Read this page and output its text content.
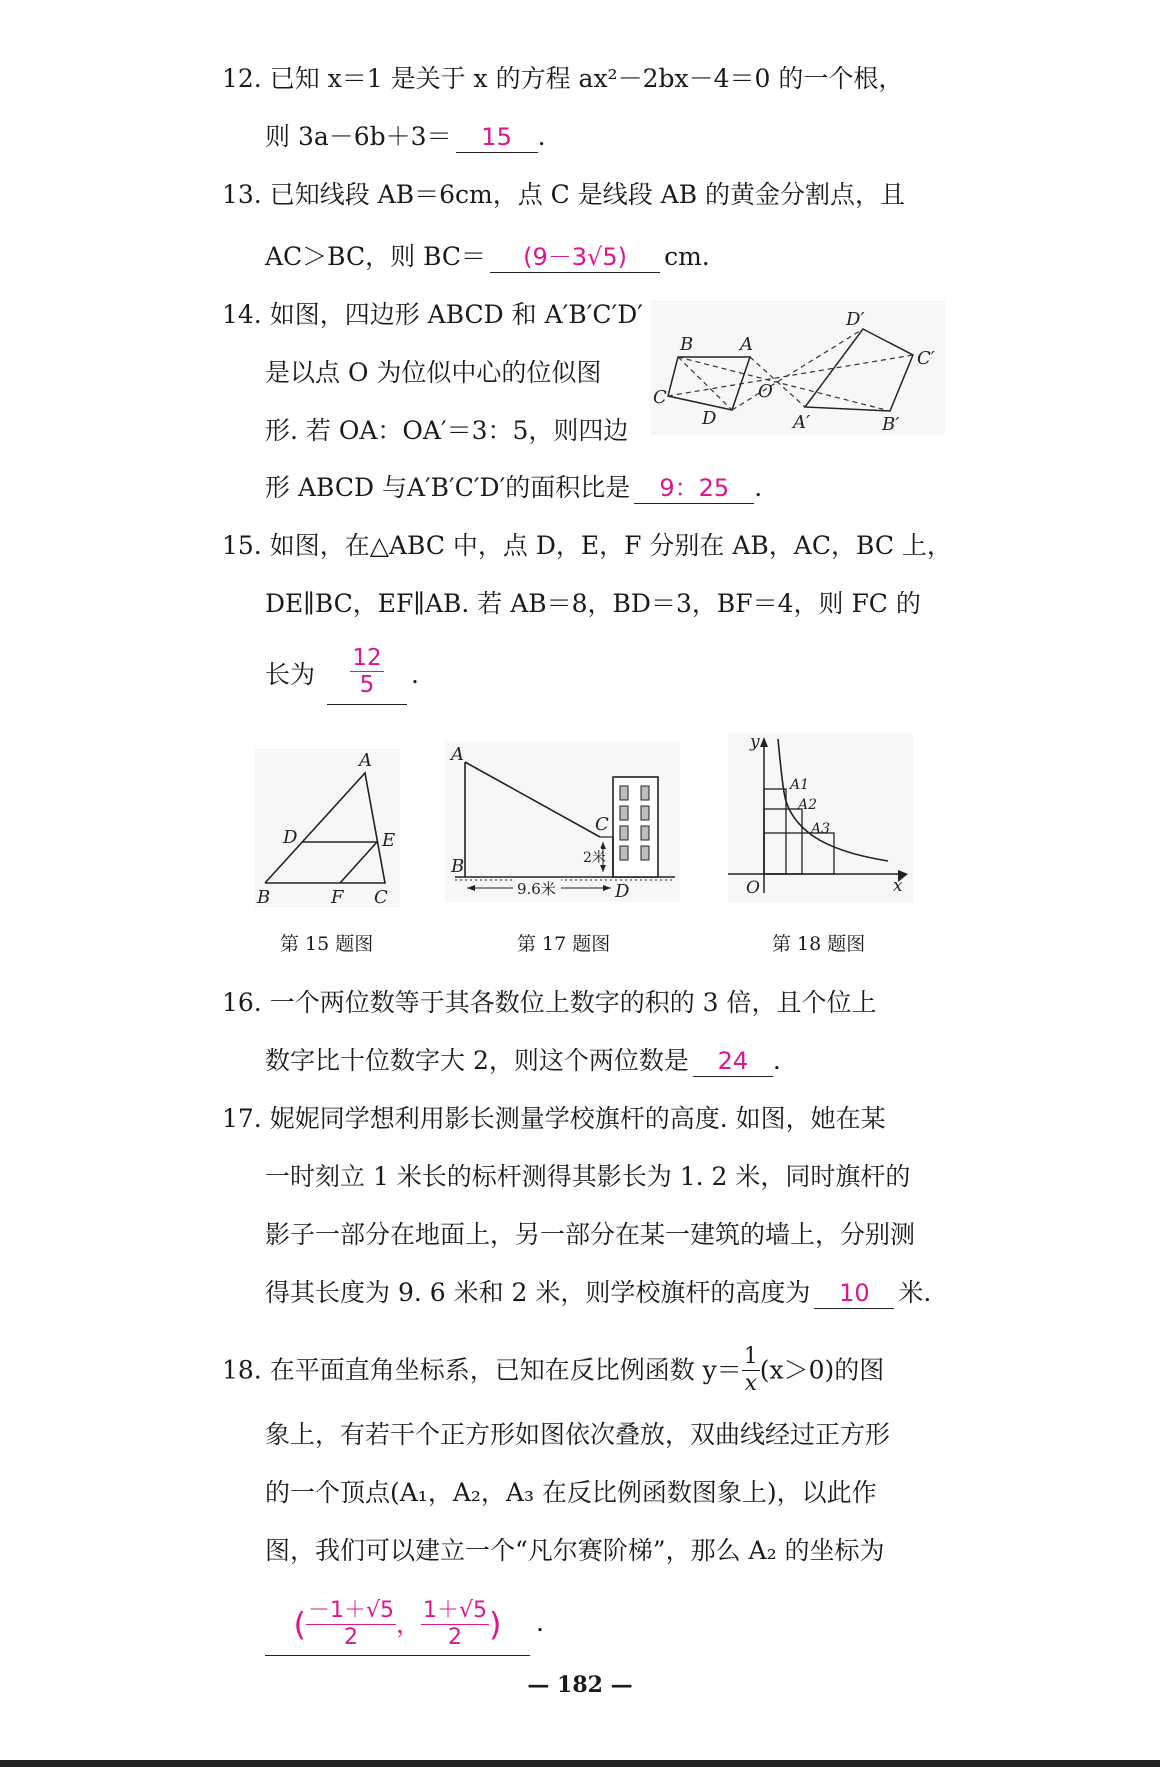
12. 已知 x＝1 是关于 x 的方程 ax²－2bx－4＝0 的一个根，
则 3a－6b＋3＝ 15 .
13. 已知线段 AB＝6cm，点 C 是线段 AB 的黄金分割点，且
AC＞BC，则 BC＝ (9－3√5) cm.
14. 如图，四边形 ABCD 和 A′B′C′D′
是以点 O 为位似中心的位似图
形. 若 OA：OA′＝3：5，则四边
形 ABCD 与A′B′C′D′的面积比是 9：25 .
B	A
C	O
D
D′
C′
A′	B′
15. 如图，在△ABC 中，点 D，E，F 分别在 AB，AC，BC 上，
DE∥BC，EF∥AB. 若 AB＝8，BD＝3，BF＝4，则 FC 的
长为 $\frac{12}{5}$ .
A
D	E
B	F C
第 15 题图
9.6米
2米
A
B
C
D
第 17 题图
y
x
O
A1
A2
A3
第 18 题图
16. 一个两位数等于其各数位上数字的积的 3 倍，且个位上
数字比十位数字大 2，则这个两位数是 24 .
17. 妮妮同学想利用影长测量学校旗杆的高度. 如图，她在某
一时刻立 1 米长的标杆测得其影长为 1. 2 米，同时旗杆的
影子一部分在地面上，另一部分在某一建筑的墙上，分别测
得其长度为 9. 6 米和 2 米，则学校旗杆的高度为 10 米.
18. 在平面直角坐标系，已知在反比例函数 $y= \frac{1}{x} (x>0)$的图
象上，有若干个正方形如图依次叠放，双曲线经过正方形
的一个顶点(A₁，A₂，A₃ 在反比例函数图象上)，以此作
图，我们可以建立一个“凡尔赛阶梯”，那么 A₂ 的坐标为
( $\frac{-1+√5}{2}$ ， $\frac{1+√5}{2}$ ) .
— 182 —
